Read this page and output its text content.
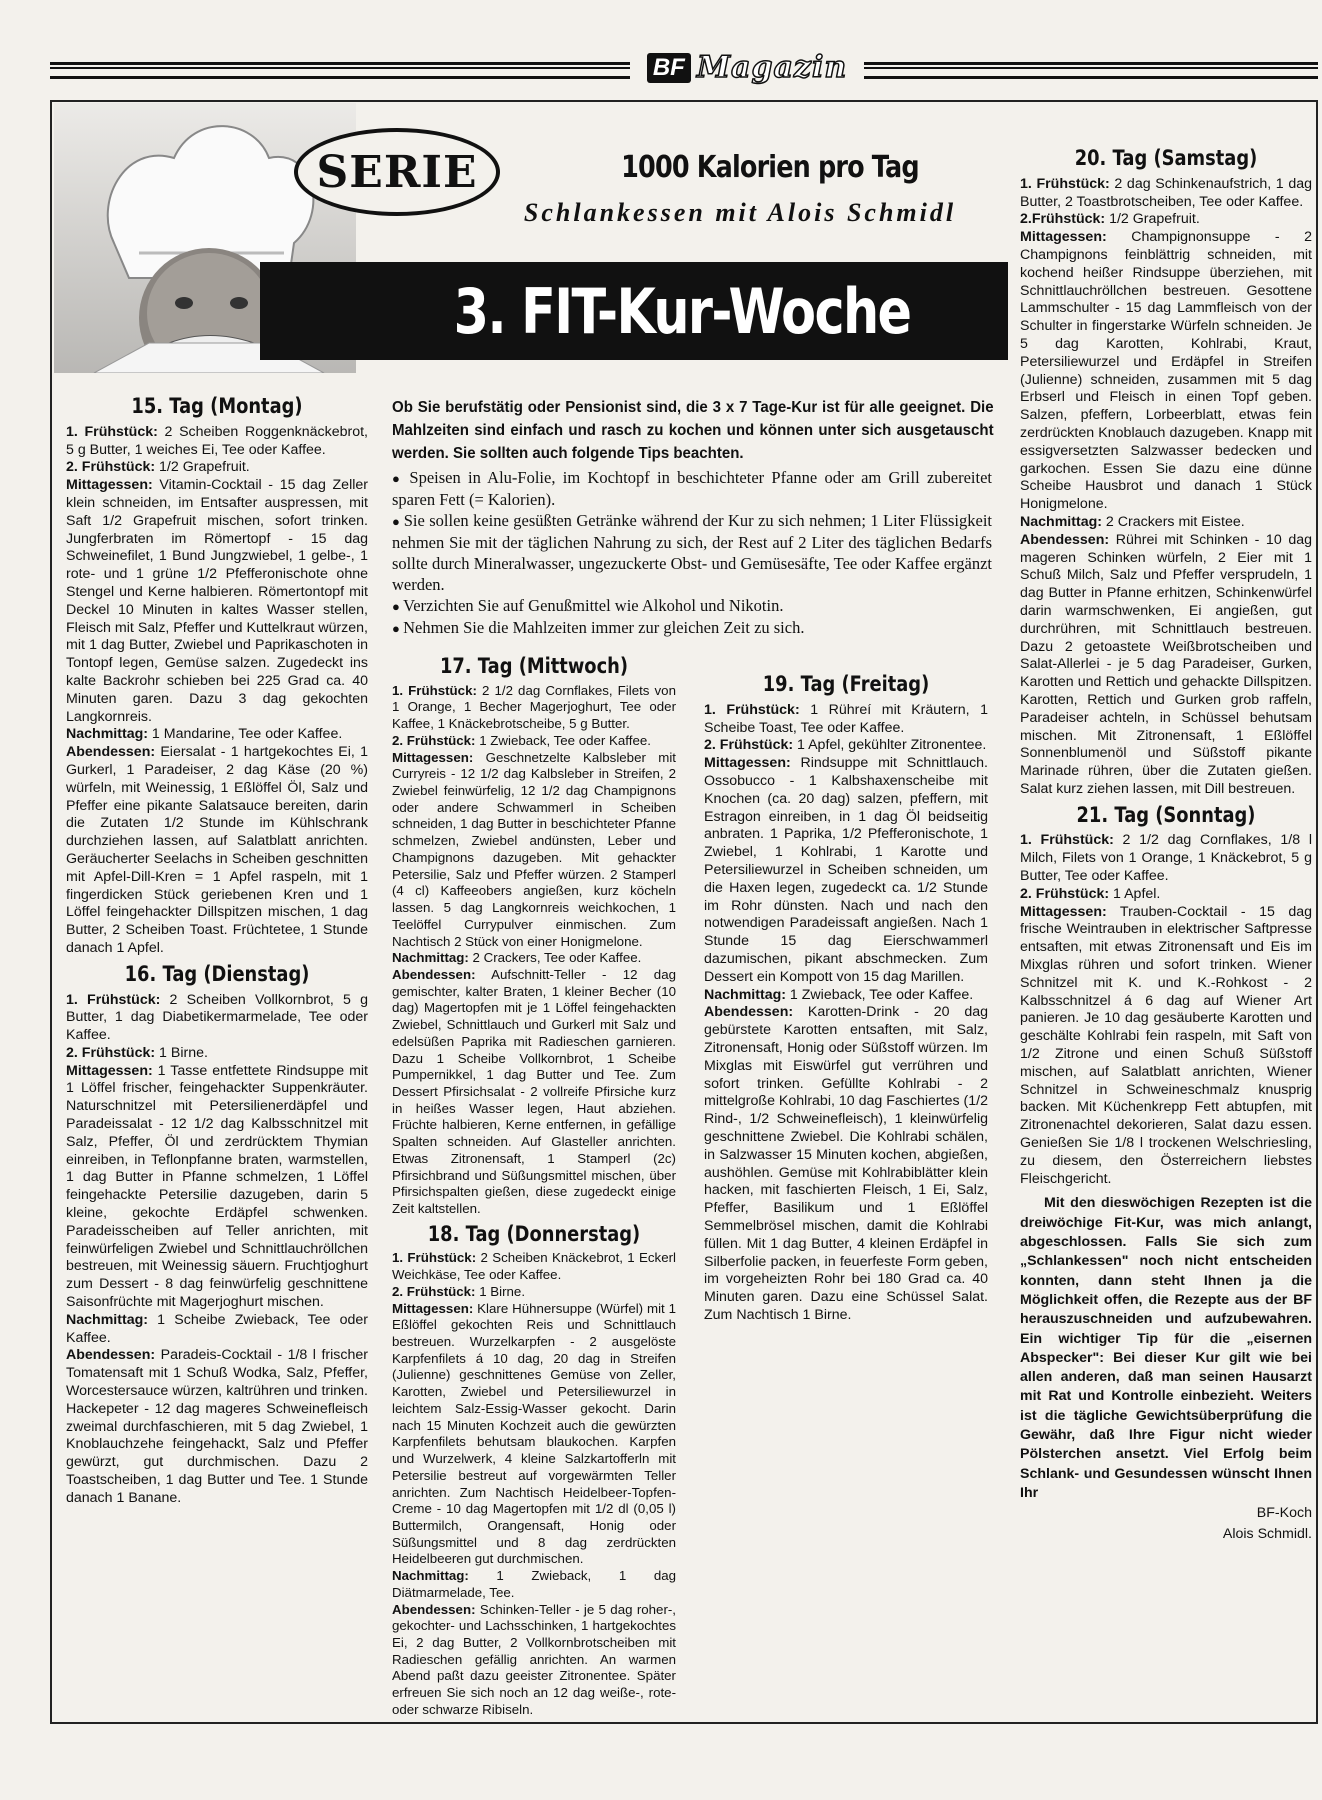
BF Magazin
SERIE	1000 Kalorien pro Tag
Schlankessen mit Alois Schmidl
3. FIT-Kur-Woche
15. Tag (Montag)

1. Frühstück: 2 Scheiben Roggenknäckebrot, 5 g Butter, 1 weiches Ei, Tee oder Kaffee.

2. Frühstück: 1/2 Grapefruit.

Mittagessen: Vitamin-Cocktail - 15 dag Zeller klein schneiden, im Entsafter auspressen, mit Saft 1/2 Grapefruit mischen, sofort trinken. Jungferbraten im Römertopf - 15 dag Schweinefilet, 1 Bund Jungzwiebel, 1 gelbe-, 1 rote- und 1 grüne 1/2 Pfefferonischote ohne Stengel und Kerne halbieren. Römertontopf mit Deckel 10 Minuten in kaltes Wasser stellen, Fleisch mit Salz, Pfeffer und Kuttelkraut würzen, mit 1 dag Butter, Zwiebel und Paprikaschoten in Tontopf legen, Gemüse salzen. Zugedeckt ins kalte Backrohr schieben bei 225 Grad ca. 40 Minuten garen. Dazu 3 dag gekochten Langkornreis.

Nachmittag: 1 Mandarine, Tee oder Kaffee.

Abendessen: Eiersalat - 1 hartgekochtes Ei, 1 Gurkerl, 1 Paradeiser, 2 dag Käse (20 %) würfeln, mit Weinessig, 1 Eßlöffel Öl, Salz und Pfeffer eine pikante Salatsauce bereiten, darin die Zutaten 1/2 Stunde im Kühlschrank durchziehen lassen, auf Salatblatt anrichten. Geräucherter Seelachs in Scheiben geschnitten mit Apfel-Dill-Kren = 1 Apfel raspeln, mit 1 fingerdicken Stück geriebenen Kren und 1 Löffel feingehackter Dillspitzen mischen, 1 dag Butter, 2 Scheiben Toast. Früchtetee, 1 Stunde danach 1 Apfel.

16. Tag (Dienstag)

1. Frühstück: 2 Scheiben Vollkornbrot, 5 g Butter, 1 dag Diabetikermarmelade, Tee oder Kaffee.

2. Frühstück: 1 Birne.

Mittagessen: 1 Tasse entfettete Rindsuppe mit 1 Löffel frischer, feingehackter Suppenkräuter. Naturschnitzel mit Petersilienerdäpfel und Paradeissalat - 12 1/2 dag Kalbsschnitzel mit Salz, Pfeffer, Öl und zerdrücktem Thymian einreiben, in Teflonpfanne braten, warmstellen, 1 dag Butter in Pfanne schmelzen, 1 Löffel feingehackte Petersilie dazugeben, darin 5 kleine, gekochte Erdäpfel schwenken. Paradeisscheiben auf Teller anrichten, mit feinwürfeligen Zwiebel und Schnittlauchröllchen bestreuen, mit Weinessig säuern. Fruchtjoghurt zum Dessert - 8 dag feinwürfelig geschnittene Saisonfrüchte mit Magerjoghurt mischen.

Nachmittag: 1 Scheibe Zwieback, Tee oder Kaffee.

Abendessen: Paradeis-Cocktail - 1/8 l frischer Tomatensaft mit 1 Schuß Wodka, Salz, Pfeffer, Worcestersauce würzen, kaltrühren und trinken. Hackepeter - 12 dag mageres Schweinefleisch zweimal durchfaschieren, mit 5 dag Zwiebel, 1 Knoblauchzehe feingehackt, Salz und Pfeffer gewürzt, gut durchmischen. Dazu 2 Toastscheiben, 1 dag Butter und Tee. 1 Stunde danach 1 Banane.

Ob Sie berufstätig oder Pensionist sind, die 3 x 7 Tage-Kur ist für alle geeignet. Die Mahlzeiten sind einfach und rasch zu kochen und können unter sich ausgetauscht werden. Sie sollten auch folgende Tips beachten.

● Speisen in Alu-Folie, im Kochtopf in beschichteter Pfanne oder am Grill zubereitet sparen Fett (= Kalorien).

● Sie sollen keine gesüßten Getränke während der Kur zu sich nehmen; 1 Liter Flüssigkeit nehmen Sie mit der täglichen Nahrung zu sich, der Rest auf 2 Liter des täglichen Bedarfs sollte durch Mineralwasser, ungezuckerte Obst- und Gemüsesäfte, Tee oder Kaffee ergänzt werden.

● Verzichten Sie auf Genußmittel wie Alkohol und Nikotin.

● Nehmen Sie die Mahlzeiten immer zur gleichen Zeit zu sich.

17. Tag (Mittwoch)

1. Frühstück: 2 1/2 dag Cornflakes, Filets von 1 Orange, 1 Becher Magerjoghurt, Tee oder Kaffee, 1 Knäckebrotscheibe, 5 g Butter.

2. Frühstück: 1 Zwieback, Tee oder Kaffee.

Mittagessen: Geschnetzelte Kalbsleber mit Curryreis - 12 1/2 dag Kalbsleber in Streifen, 2 Zwiebel feinwürfelig, 12 1/2 dag Champignons oder andere Schwammerl in Scheiben schneiden, 1 dag Butter in beschichteter Pfanne schmelzen, Zwiebel andünsten, Leber und Champignons dazugeben. Mit gehackter Petersilie, Salz und Pfeffer würzen. 2 Stamperl (4 cl) Kaffeeobers angießen, kurz köcheln lassen. 5 dag Langkornreis weichkochen, 1 Teelöffel Currypulver einmischen. Zum Nachtisch 2 Stück von einer Honigmelone.

Nachmittag: 2 Crackers, Tee oder Kaffee.

Abendessen: Aufschnitt-Teller - 12 dag gemischter, kalter Braten, 1 kleiner Becher (10 dag) Magertopfen mit je 1 Löffel feingehackten Zwiebel, Schnittlauch und Gurkerl mit Salz und edelsüßen Paprika mit Radieschen garnieren. Dazu 1 Scheibe Vollkornbrot, 1 Scheibe Pumpernikkel, 1 dag Butter und Tee. Zum Dessert Pfirsichsalat - 2 vollreife Pfirsiche kurz in heißes Wasser legen, Haut abziehen. Früchte halbieren, Kerne entfernen, in gefällige Spalten schneiden. Auf Glasteller anrichten. Etwas Zitronensaft, 1 Stamperl (2c) Pfirsichbrand und Süßungsmittel mischen, über Pfirsichspalten gießen, diese zugedeckt einige Zeit kaltstellen.

18. Tag (Donnerstag)

1. Frühstück: 2 Scheiben Knäckebrot, 1 Eckerl Weichkäse, Tee oder Kaffee.

2. Frühstück: 1 Birne.

Mittagessen: Klare Hühnersuppe (Würfel) mit 1 Eßlöffel gekochten Reis und Schnittlauch bestreuen. Wurzelkarpfen - 2 ausgelöste Karpfenfilets á 10 dag, 20 dag in Streifen (Julienne) geschnittenes Gemüse von Zeller, Karotten, Zwiebel und Petersiliewurzel in leichtem Salz-Essig-Wasser gekocht. Darin nach 15 Minuten Kochzeit auch die gewürzten Karpfenfilets behutsam blaukochen. Karpfen und Wurzelwerk, 4 kleine Salzkartofferln mit Petersilie bestreut auf vorgewärmten Teller anrichten. Zum Nachtisch Heidelbeer-Topfen-Creme - 10 dag Magertopfen mit 1/2 dl (0,05 l) Buttermilch, Orangensaft, Honig oder Süßungsmittel und 8 dag zerdrückten Heidelbeeren gut durchmischen.

Nachmittag: 1 Zwieback, 1 dag Diätmarmelade, Tee.

Abendessen: Schinken-Teller - je 5 dag roher-, gekochter- und Lachsschinken, 1 hartgekochtes Ei, 2 dag Butter, 2 Vollkornbrotscheiben mit Radieschen gefällig anrichten. An warmen Abend paßt dazu geeister Zitronentee. Später erfreuen Sie sich noch an 12 dag weiße-, rote- oder schwarze Ribiseln.

19. Tag (Freitag)

1. Frühstück: 1 Rühreí mit Kräutern, 1 Scheibe Toast, Tee oder Kaffee.

2. Frühstück: 1 Apfel, gekühlter Zitronentee.

Mittagessen: Rindsuppe mit Schnittlauch. Ossobucco - 1 Kalbshaxenscheibe mit Knochen (ca. 20 dag) salzen, pfeffern, mit Estragon einreiben, in 1 dag Öl beidseitig anbraten. 1 Paprika, 1/2 Pfefferonischote, 1 Zwiebel, 1 Kohlrabi, 1 Karotte und Petersiliewurzel in Scheiben schneiden, um die Haxen legen, zugedeckt ca. 1/2 Stunde im Rohr dünsten. Nach und nach den notwendigen Paradeissaft angießen. Nach 1 Stunde 15 dag Eierschwammerl dazumischen, pikant abschmecken. Zum Dessert ein Kompott von 15 dag Marillen.

Nachmittag: 1 Zwieback, Tee oder Kaffee.

Abendessen: Karotten-Drink - 20 dag gebürstete Karotten entsaften, mit Salz, Zitronensaft, Honig oder Süßstoff würzen. Im Mixglas mit Eiswürfel gut verrühren und sofort trinken. Gefüllte Kohlrabi - 2 mittelgroße Kohlrabi, 10 dag Faschiertes (1/2 Rind-, 1/2 Schweinefleisch), 1 kleinwürfelig geschnittene Zwiebel. Die Kohlrabi schälen, in Salzwasser 15 Minuten kochen, abgießen, aushöhlen. Gemüse mit Kohlrabiblätter klein hacken, mit faschierten Fleisch, 1 Ei, Salz, Pfeffer, Basilikum und 1 Eßlöffel Semmelbrösel mischen, damit die Kohlrabi füllen. Mit 1 dag Butter, 4 kleinen Erdäpfel in Silberfolie packen, in feuerfeste Form geben, im vorgeheizten Rohr bei 180 Grad ca. 40 Minuten garen. Dazu eine Schüssel Salat. Zum Nachtisch 1 Birne.

20. Tag (Samstag)

1. Frühstück: 2 dag Schinkenaufstrich, 1 dag Butter, 2 Toastbrotscheiben, Tee oder Kaffee.

2.Frühstück: 1/2 Grapefruit.

Mittagessen: Champignonsuppe - 2 Champignons feinblättrig schneiden, mit kochend heißer Rindsuppe überziehen, mit Schnittlauchröllchen bestreuen. Gesottene Lammschulter - 15 dag Lammfleisch von der Schulter in fingerstarke Würfeln schneiden. Je 5 dag Karotten, Kohlrabi, Kraut, Petersiliewurzel und Erdäpfel in Streifen (Julienne) schneiden, zusammen mit 5 dag Erbserl und Fleisch in einen Topf geben. Salzen, pfeffern, Lorbeerblatt, etwas fein zerdrückten Knoblauch dazugeben. Knapp mit essigversetzten Salzwasser bedecken und garkochen. Essen Sie dazu eine dünne Scheibe Hausbrot und danach 1 Stück Honigmelone.

Nachmittag: 2 Crackers mit Eistee.

Abendessen: Rührei mit Schinken - 10 dag mageren Schinken würfeln, 2 Eier mit 1 Schuß Milch, Salz und Pfeffer versprudeln, 1 dag Butter in Pfanne erhitzen, Schinkenwürfel darin warmschwenken, Ei angießen, gut durchrühren, mit Schnittlauch bestreuen. Dazu 2 getoastete Weißbrotscheiben und Salat-Allerlei - je 5 dag Paradeiser, Gurken, Karotten und Rettich und gehackte Dillspitzen. Karotten, Rettich und Gurken grob raffeln, Paradeiser achteln, in Schüssel behutsam mischen. Mit Zitronensaft, 1 Eßlöffel Sonnenblumenöl und Süßstoff pikante Marinade rühren, über die Zutaten gießen. Salat kurz ziehen lassen, mit Dill bestreuen.

21. Tag (Sonntag)

1. Frühstück: 2 1/2 dag Cornflakes, 1/8 l Milch, Filets von 1 Orange, 1 Knäckebrot, 5 g Butter, Tee oder Kaffee.

2. Frühstück: 1 Apfel.

Mittagessen: Trauben-Cocktail - 15 dag frische Weintrauben in elektrischer Saftpresse entsaften, mit etwas Zitronensaft und Eis im Mixglas rühren und sofort trinken. Wiener Schnitzel mit K. und K.-Rohkost - 2 Kalbsschnitzel á 6 dag auf Wiener Art panieren. Je 10 dag gesäuberte Karotten und geschälte Kohlrabi fein raspeln, mit Saft von 1/2 Zitrone und einen Schuß Süßstoff mischen, auf Salatblatt anrichten, Wiener Schnitzel in Schweineschmalz knusprig backen. Mit Küchenkrepp Fett abtupfen, mit Zitronenachtel dekorieren, Salat dazu essen. Genießen Sie 1/8 l trockenen Welschriesling, zu diesem, den Österreichern liebstes Fleischgericht.

Mit den dieswöchigen Rezepten ist die dreiwöchige Fit-Kur, was mich anlangt, abgeschlossen. Falls Sie sich zum „Schlankessen" noch nicht entscheiden konnten, dann steht Ihnen ja die Möglichkeit offen, die Rezepte aus der BF herauszuschneiden und aufzubewahren. Ein wichtiger Tip für die „eisernen Abspecker": Bei dieser Kur gilt wie bei allen anderen, daß man seinen Hausarzt mit Rat und Kontrolle einbezieht. Weiters ist die tägliche Gewichtsüberprüfung die Gewähr, daß Ihre Figur nicht wieder Pölsterchen ansetzt. Viel Erfolg beim Schlank- und Gesundessen wünscht Ihnen Ihr

BF-Koch

Alois Schmidl.
